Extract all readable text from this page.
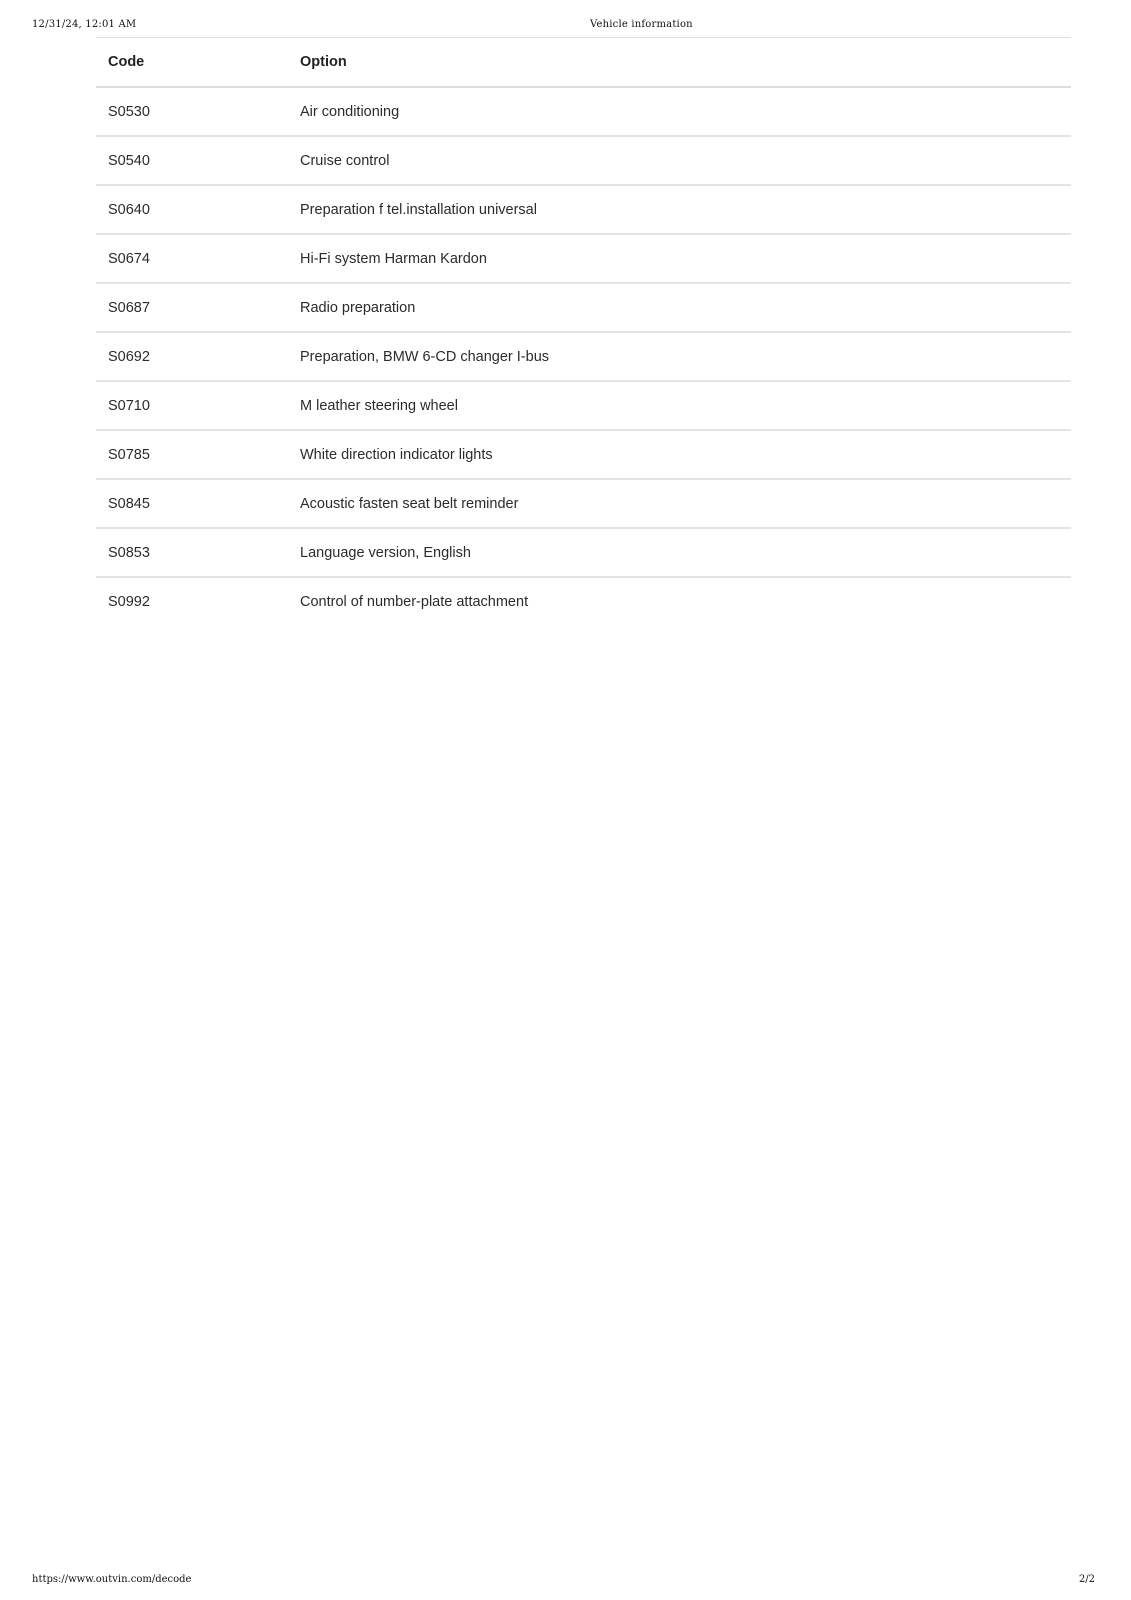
12/31/24, 12:01 AM	Vehicle information
Code	Option
S0530	Air conditioning
S0540	Cruise control
S0640	Preparation f tel.installation universal
S0674	Hi-Fi system Harman Kardon
S0687	Radio preparation
S0692	Preparation, BMW 6-CD changer I-bus
S0710	M leather steering wheel
S0785	White direction indicator lights
S0845	Acoustic fasten seat belt reminder
S0853	Language version, English
S0992	Control of number-plate attachment
https://www.outvin.com/decode	2/2
